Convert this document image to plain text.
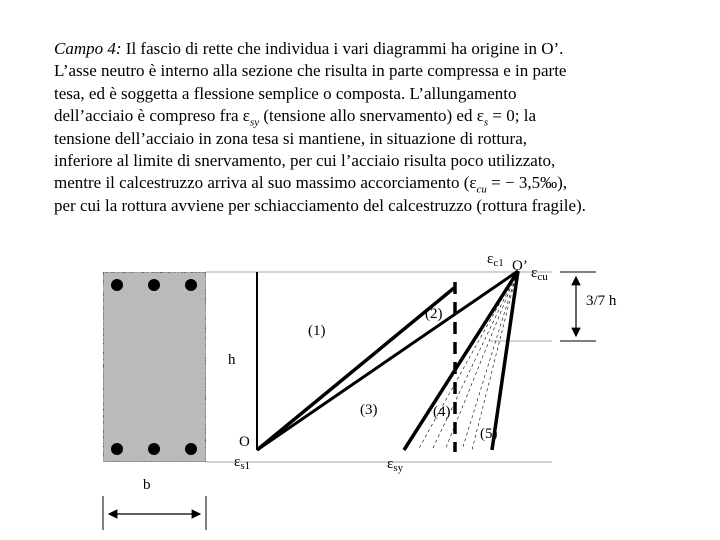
Campo 4: Il fascio di rette che individua i vari diagrammi ha origine in O’.
L’asse neutro è interno alla sezione che risulta in parte compressa e in parte
tesa, ed è soggetta a flessione semplice o composta. L’allungamento
dell’acciaio è compreso fra $\varepsilon_{sy}$ (tensione allo snervamento) ed $\varepsilon_s = 0$; la
tensione dell’acciaio in zona tesa si mantiene, in situazione di rottura,
inferiore al limite di snervamento, per cui l’acciaio risulta poco utilizzato,
mentre il calcestruzzo arriva al suo massimo accorciamento ($\varepsilon_{cu}$ = − 3,5‰),
per cui la rottura avviene per schiacciamento del calcestruzzo (rottura fragile).
$\varepsilon_{c1}$ O’ $\varepsilon_{cu}$
3/7 h
(1)
(2)
(3)	(4)
(5)
h
O
$\varepsilon_{s1}$	$\varepsilon_{sy}$
b
